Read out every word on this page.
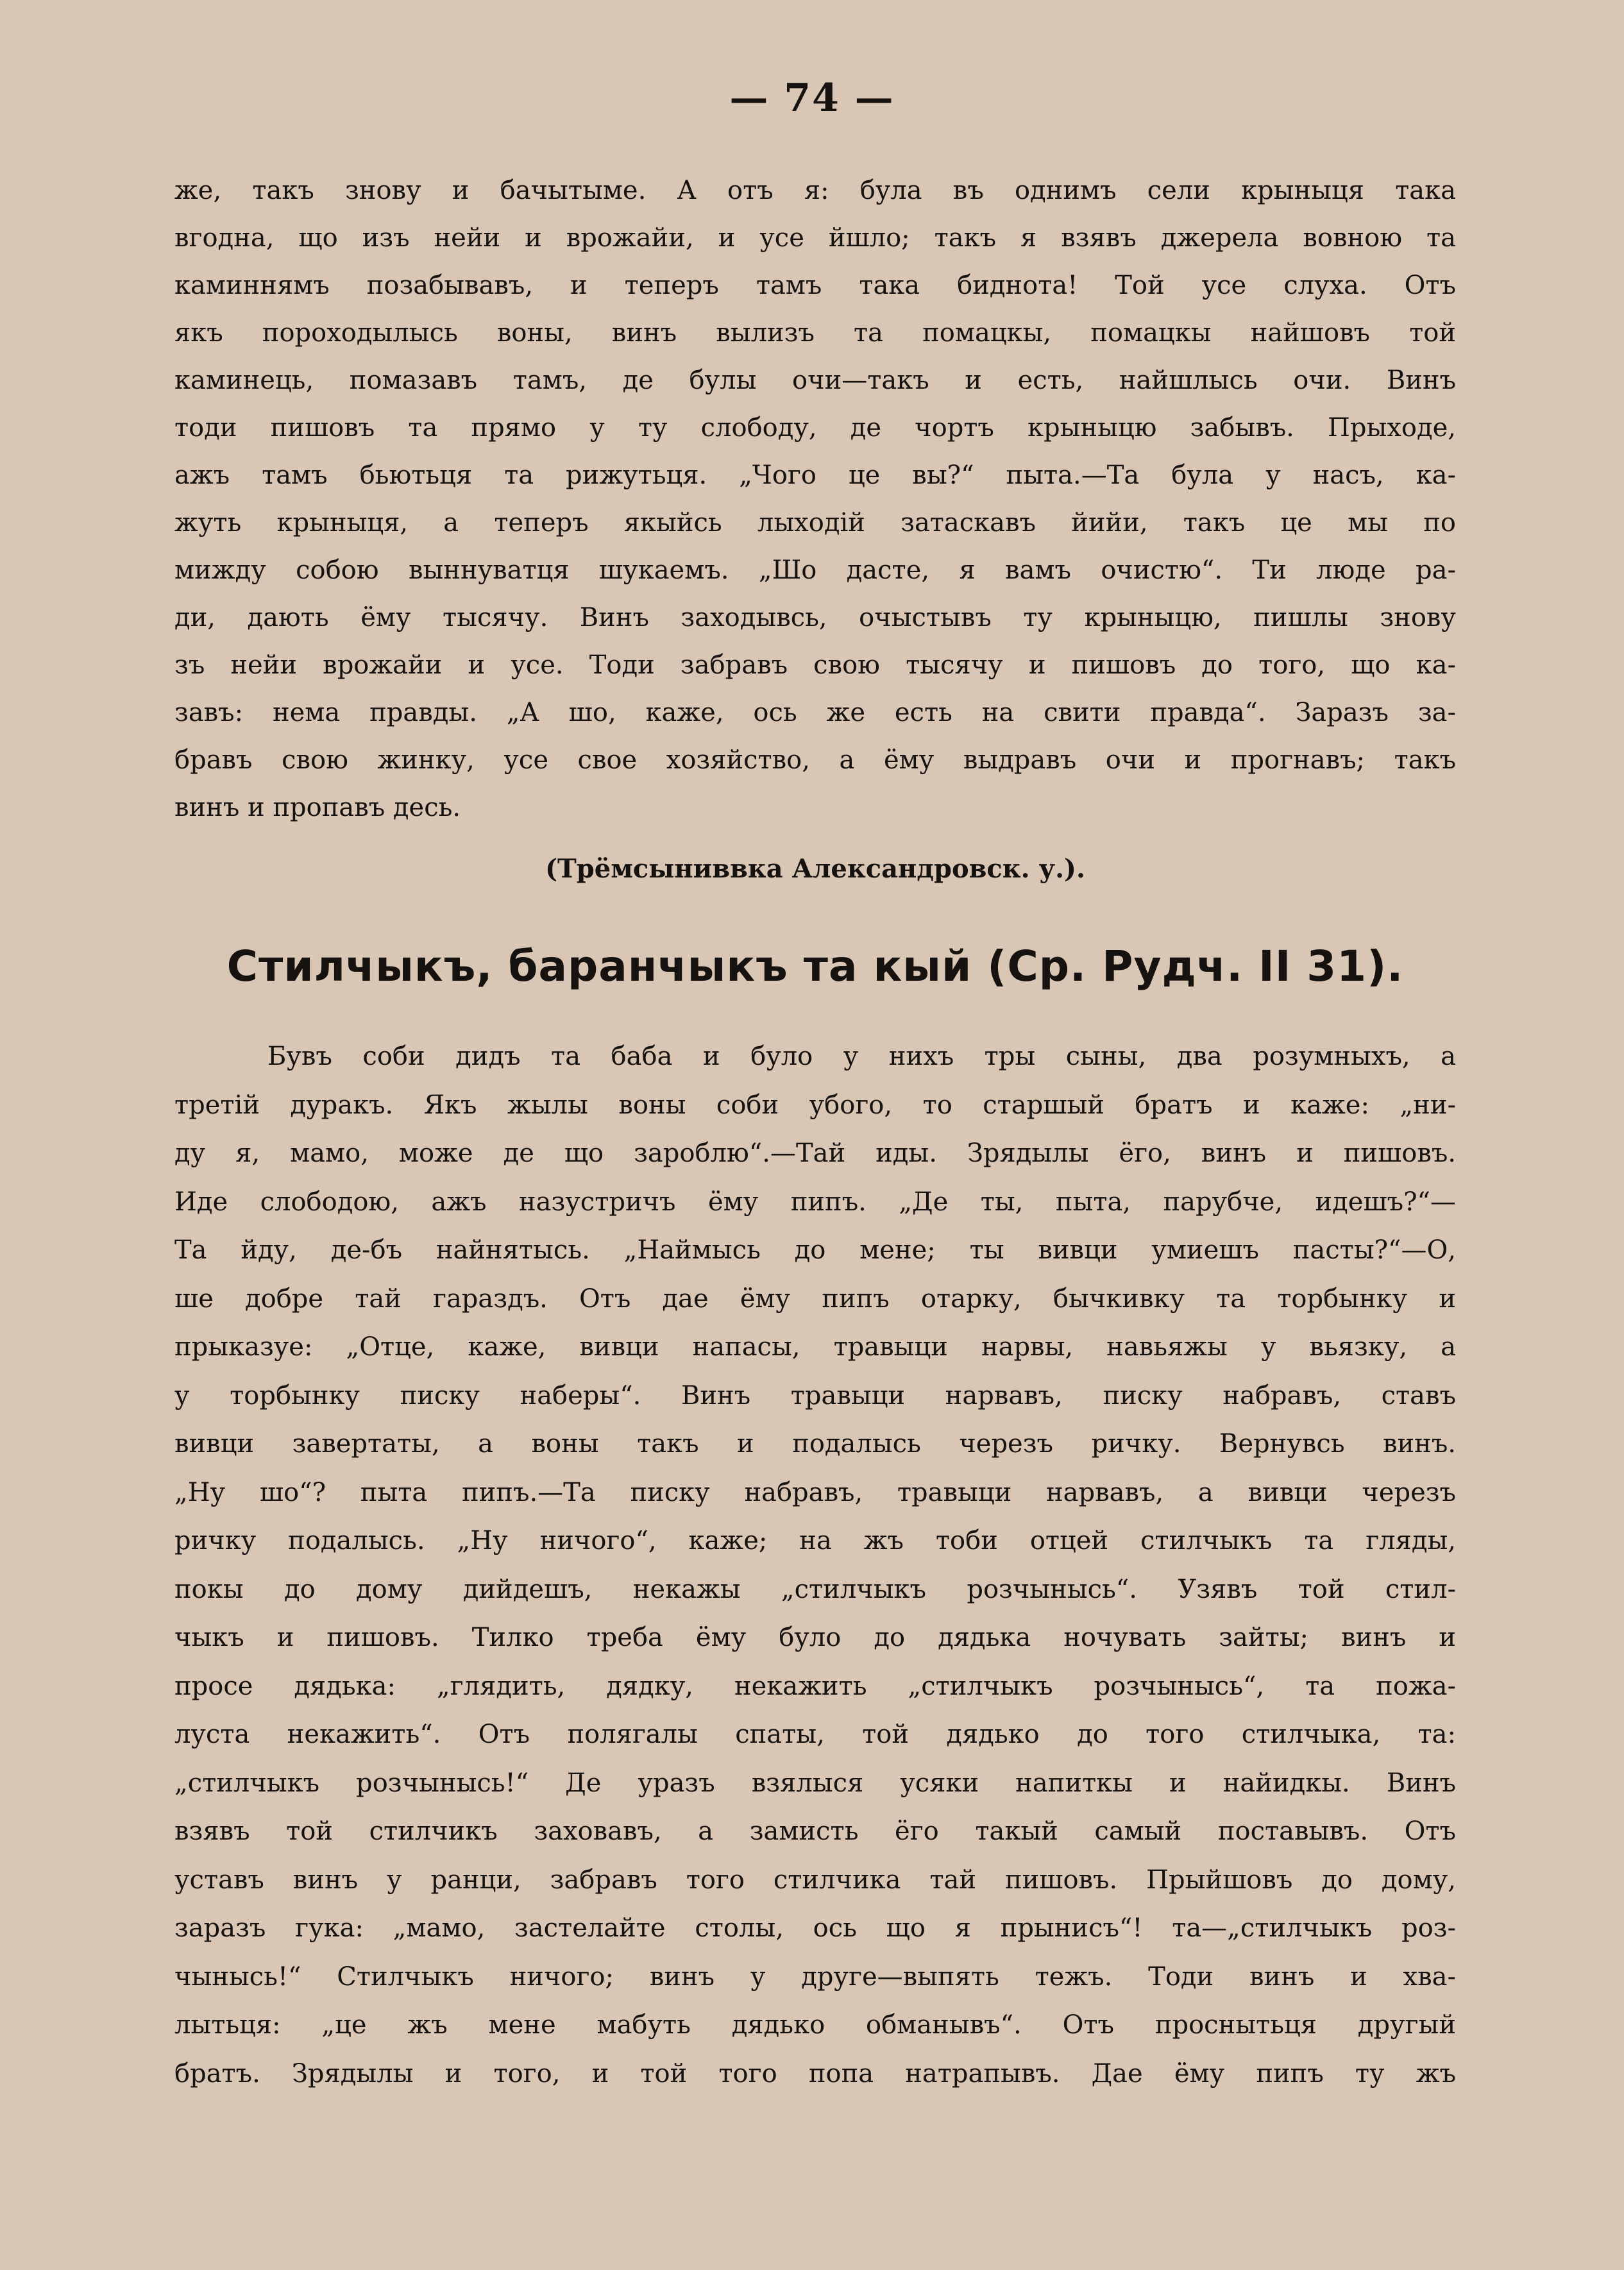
— 74 —
же, такъ знову и бачытыме. А отъ я: була въ однимъ сели крыныця така
вгодна, що изъ нейи и врожайи, и усе йшло; такъ я взявъ джерела вовною та
каминнямъ позабывавъ, и теперъ тамъ така биднота! Той усе слуха. Отъ
якъ пороходылысь воны, винъ вылизъ та помацкы, помацкы найшовъ той
каминець, помазавъ тамъ, де булы очи—такъ и есть, найшлысь очи. Винъ
тоди пишовъ та прямо у ту слободу, де чортъ крыныцю забывъ. Прыходе,
ажъ тамъ бьютьця та рижутьця. „Чого це вы?“ пыта.—Та була у насъ, ка-
жуть крыныця, а теперъ якыйсь лыходій затаскавъ йийи, такъ це мы по
мижду собою выннуватця шукаемъ. „Шо дасте, я вамъ очистю“. Ти люде ра-
ди, дають ёму тысячу. Винъ заходывсь, очыстывъ ту крыныцю, пишлы знову
зъ нейи врожайи и усе. Тоди забравъ свою тысячу и пишовъ до того, що ка-
завъ: нема правды. „А шо, каже, ось же есть на свити правда“. Заразъ за-
бравъ свою жинку, усе свое хозяйство, а ёму выдравъ очи и прогнавъ; такъ
винъ и пропавъ десь.
(Трёмсыниввка Александровск. у.).
Стилчыкъ, баранчыкъ та кый (Ср. Рудч. II 31).
Бувъ соби дидъ та баба и було у нихъ тры сыны, два розумныхъ, а
третій дуракъ. Якъ жылы воны соби убого, то старшый братъ и каже: „ни-
ду я, мамо, може де що зароблю“.—Тай иды. Зрядылы ёго, винъ и пишовъ.
Иде слободою, ажъ назустричъ ёму пипъ. „Де ты, пыта, парубче, идешъ?“—
Та йду, де-бъ найнятысь. „Наймысь до мене; ты вивци умиешъ пасты?“—О,
ше добре тай гараздъ. Отъ дае ёму пипъ отарку, бычкивку та торбынку и
прыказуе: „Отце, каже, вивци напасы, травыци нарвы, навьяжы у вьязку, а
у торбынку писку наберы“. Винъ травыци нарвавъ, писку набравъ, ставъ
вивци завертаты, а воны такъ и подалысь черезъ ричку. Вернувсь винъ.
„Ну шо“? пыта пипъ.—Та писку набравъ, травыци нарвавъ, а вивци черезъ
ричку подалысь. „Ну ничого“, каже; на жъ тоби отцей стилчыкъ та гляды,
покы до дому дийдешъ, некажы „стилчыкъ розчынысь“. Узявъ той стил-
чыкъ и пишовъ. Тилко треба ёму було до дядька ночувать зайты; винъ и
просе дядька: „глядить, дядку, некажить „стилчыкъ розчынысь“, та пожа-
луста некажить“. Отъ полягалы спаты, той дядько до того стилчыка, та:
„стилчыкъ розчынысь!“ Де уразъ взялыся усяки напиткы и найидкы. Винъ
взявъ той стилчикъ заховавъ, а замисть ёго такый самый поставывъ. Отъ
уставъ винъ у ранци, забравъ того стилчика тай пишовъ. Прыйшовъ до дому,
заразъ гука: „мамо, застелайте столы, ось що я прынисъ“! та—„стилчыкъ роз-
чынысь!“ Стилчыкъ ничого; винъ у друге—выпять тежъ. Тоди винъ и хва-
лытьця: „це жъ мене мабуть дядько обманывъ“. Отъ проснытьця другый
братъ. Зрядылы и того, и той того попа натрапывъ. Дае ёму пипъ ту жъ
